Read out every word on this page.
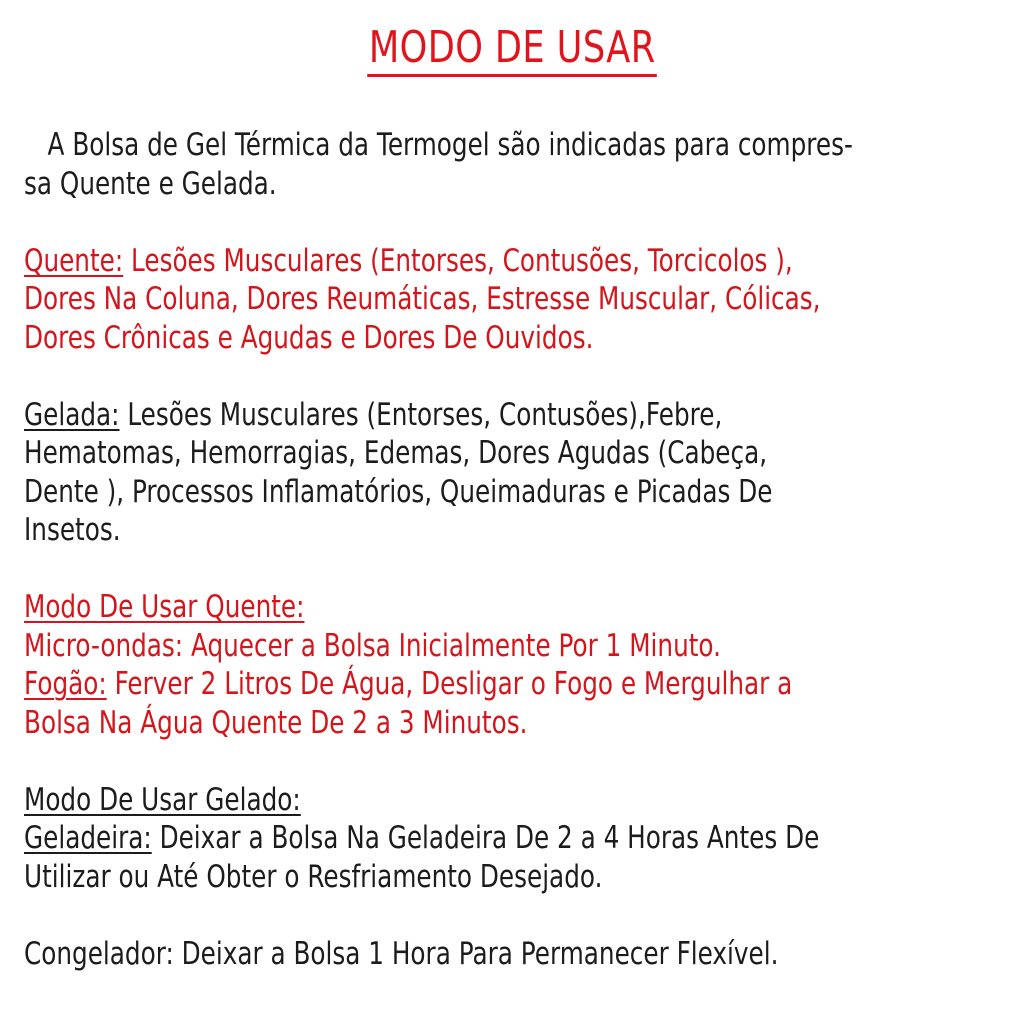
MODO DE USAR
A Bolsa de Gel Térmica da Termogel são indicadas para compres-
sa Quente e Gelada.
Quente: Lesões Musculares (Entorses, Contusões, Torcicolos ),
Dores Na Coluna, Dores Reumáticas, Estresse Muscular, Cólicas,
Dores Crônicas e Agudas e Dores De Ouvidos.
Gelada: Lesões Musculares (Entorses, Contusões),Febre,
Hematomas, Hemorragias, Edemas, Dores Agudas (Cabeça,
Dente ), Processos Inflamatórios, Queimaduras e Picadas De
Insetos.
Modo De Usar Quente:
Micro-ondas: Aquecer a Bolsa Inicialmente Por 1 Minuto.
Fogão: Ferver 2 Litros De Água, Desligar o Fogo e Mergulhar a
Bolsa Na Água Quente De 2 a 3 Minutos.
Modo De Usar Gelado:
Geladeira: Deixar a Bolsa Na Geladeira De 2 a 4 Horas Antes De
Utilizar ou Até Obter o Resfriamento Desejado.
Congelador: Deixar a Bolsa 1 Hora Para Permanecer Flexível.
